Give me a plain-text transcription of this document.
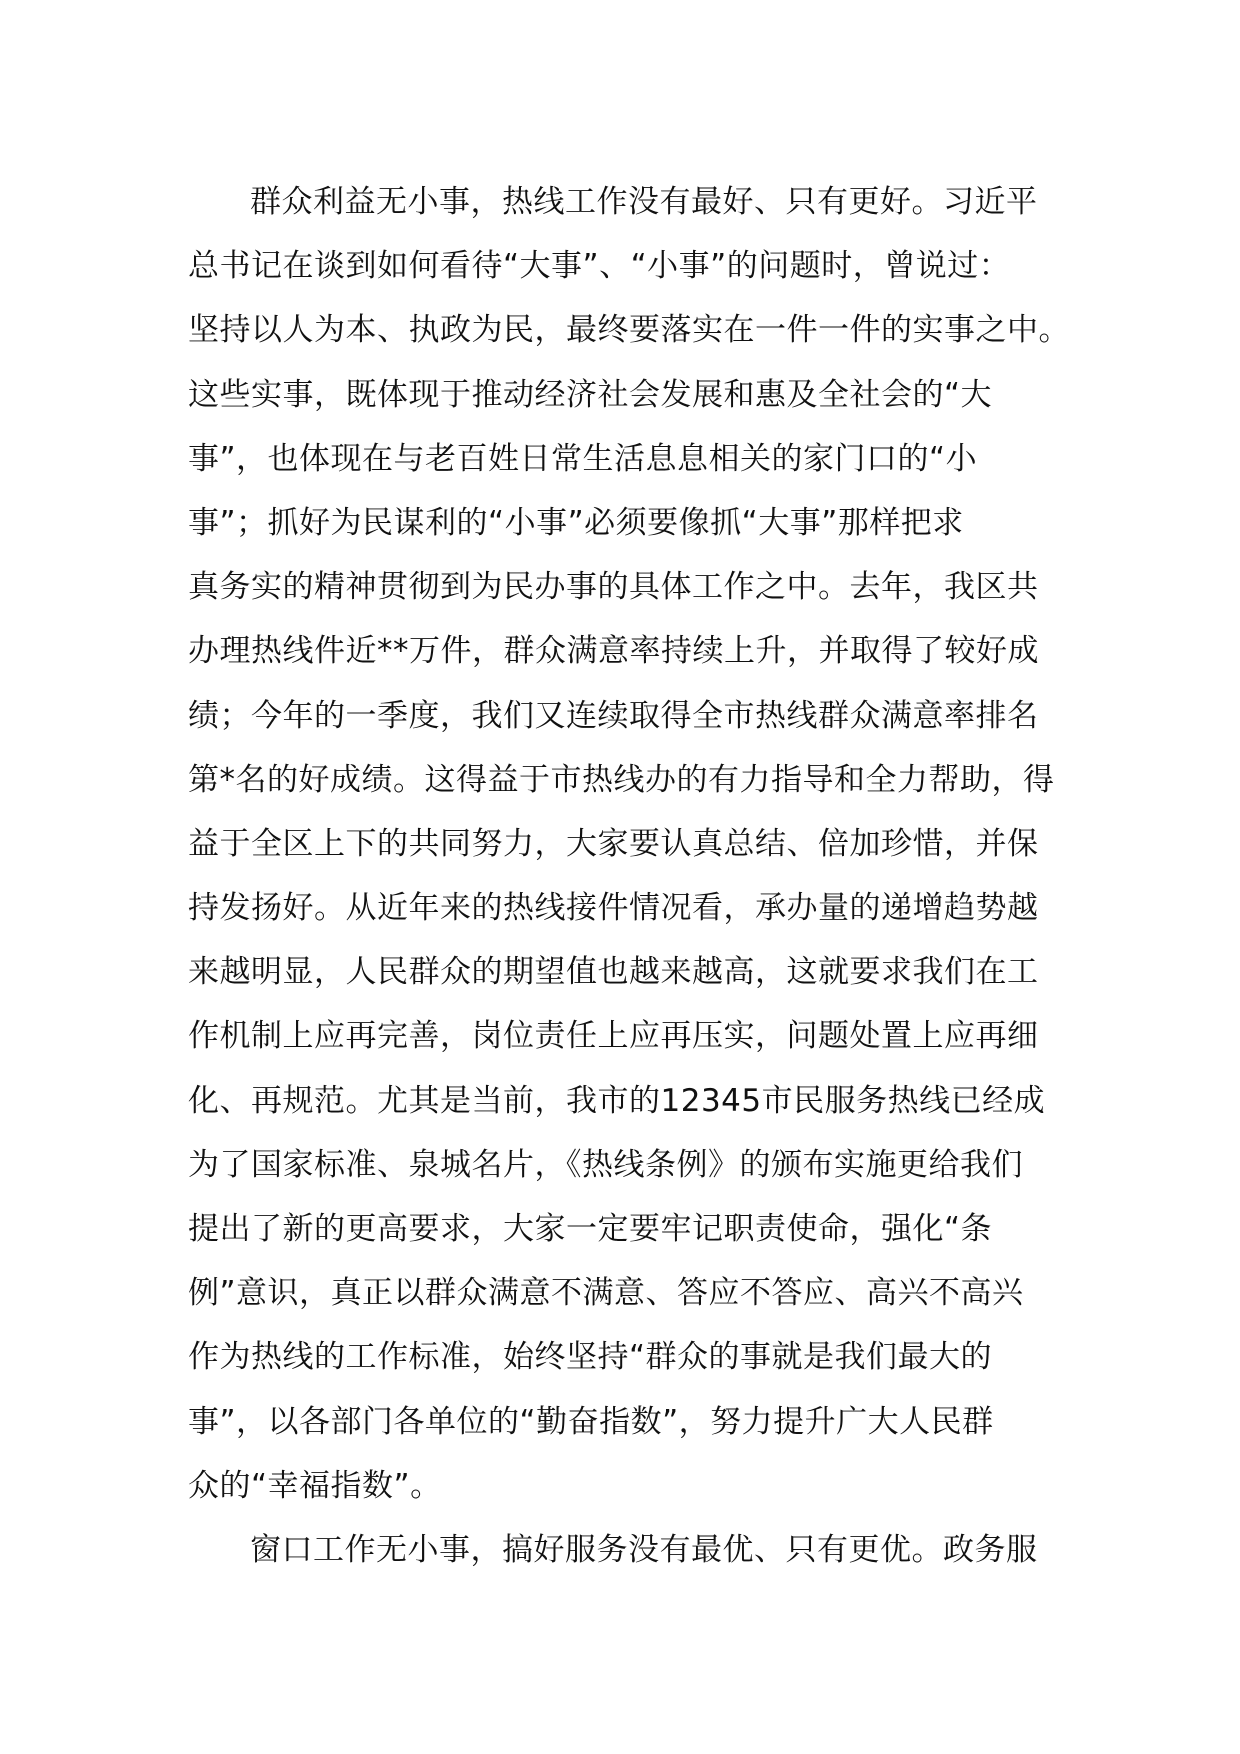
群众利益无小事，热线工作没有最好、只有更好。习近平
总书记在谈到如何看待“大事”、“小事”的问题时，曾说过：
坚持以人为本、执政为民，最终要落实在一件一件的实事之中。
这些实事，既体现于推动经济社会发展和惠及全社会的“大
事”，也体现在与老百姓日常生活息息相关的家门口的“小
事”；抓好为民谋利的“小事”必须要像抓“大事”那样把求
真务实的精神贯彻到为民办事的具体工作之中。去年，我区共
办理热线件近**万件，群众满意率持续上升，并取得了较好成
绩；今年的一季度，我们又连续取得全市热线群众满意率排名
第*名的好成绩。这得益于市热线办的有力指导和全力帮助，得
益于全区上下的共同努力，大家要认真总结、倍加珍惜，并保
持发扬好。从近年来的热线接件情况看，承办量的递增趋势越
来越明显，人民群众的期望值也越来越高，这就要求我们在工
作机制上应再完善，岗位责任上应再压实，问题处置上应再细
化、再规范。尤其是当前，我市的12345市民服务热线已经成
为了国家标准、泉城名片，《热线条例》的颁布实施更给我们
提出了新的更高要求，大家一定要牢记职责使命，强化“条
例”意识，真正以群众满意不满意、答应不答应、高兴不高兴
作为热线的工作标准，始终坚持“群众的事就是我们最大的
事”，以各部门各单位的“勤奋指数”，努力提升广大人民群
众的“幸福指数”。
窗口工作无小事，搞好服务没有最优、只有更优。政务服
